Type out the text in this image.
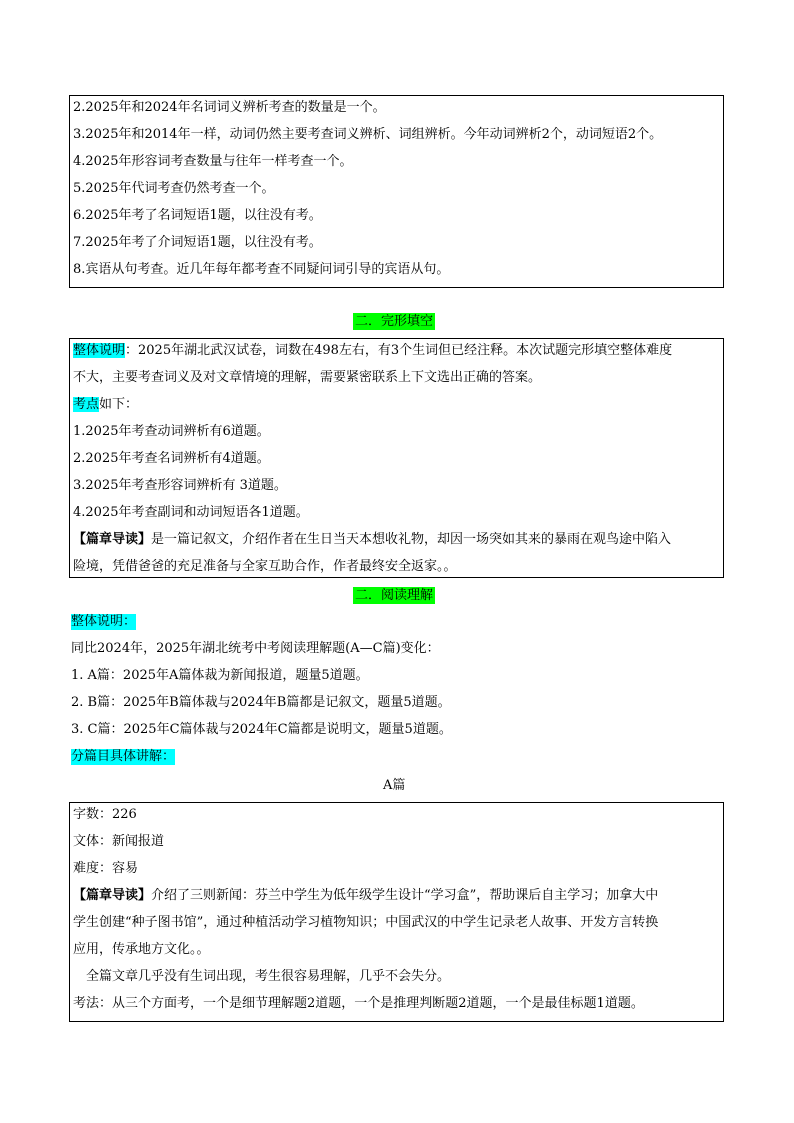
2.2025年和2024年名词词义辨析考查的数量是一个。
3.2025年和2014年一样，动词仍然主要考查词义辨析、词组辨析。今年动词辨析2个，动词短语2个。
4.2025年形容词考查数量与往年一样考查一个。
5.2025年代词考查仍然考查一个。
6.2025年考了名词短语1题，以往没有考。
7.2025年考了介词短语1题，以往没有考。
8.宾语从句考查。近几年每年都考查不同疑问词引导的宾语从句。
二．完形填空
整体说明：2025年湖北武汉试卷，词数在498左右，有3个生词但已经注释。本次试题完形填空整体难度
不大，主要考查词义及对文章情境的理解，需要紧密联系上下文选出正确的答案。
考点如下：
1.2025年考查动词辨析有6道题。
2.2025年考查名词辨析有4道题。
3.2025年考查形容词辨析有 3道题。
4.2025年考查副词和动词短语各1道题。
【篇章导读】是一篇记叙文，介绍作者在生日当天本想收礼物，却因一场突如其来的暴雨在观鸟途中陷入
险境，凭借爸爸的充足准备与全家互助合作，作者最终安全返家。。
二．阅读理解
整体说明：
同比2024年，2025年湖北统考中考阅读理解题(A—C篇)变化：
1. A篇：2025年A篇体裁为新闻报道，题量5道题。
2. B篇：2025年B篇体裁与2024年B篇都是记叙文，题量5道题。
3. C篇：2025年C篇体裁与2024年C篇都是说明文，题量5道题。
分篇目具体讲解：
A篇
字数：226
文体：新闻报道
难度：容易
【篇章导读】介绍了三则新闻：芬兰中学生为低年级学生设计“学习盒”，帮助课后自主学习；加拿大中
学生创建“种子图书馆”，通过种植活动学习植物知识；中国武汉的中学生记录老人故事、开发方言转换
应用，传承地方文化。。
全篇文章几乎没有生词出现，考生很容易理解，几乎不会失分。
考法：从三个方面考，一个是细节理解题2道题，一个是推理判断题2道题，一个是最佳标题1道题。
